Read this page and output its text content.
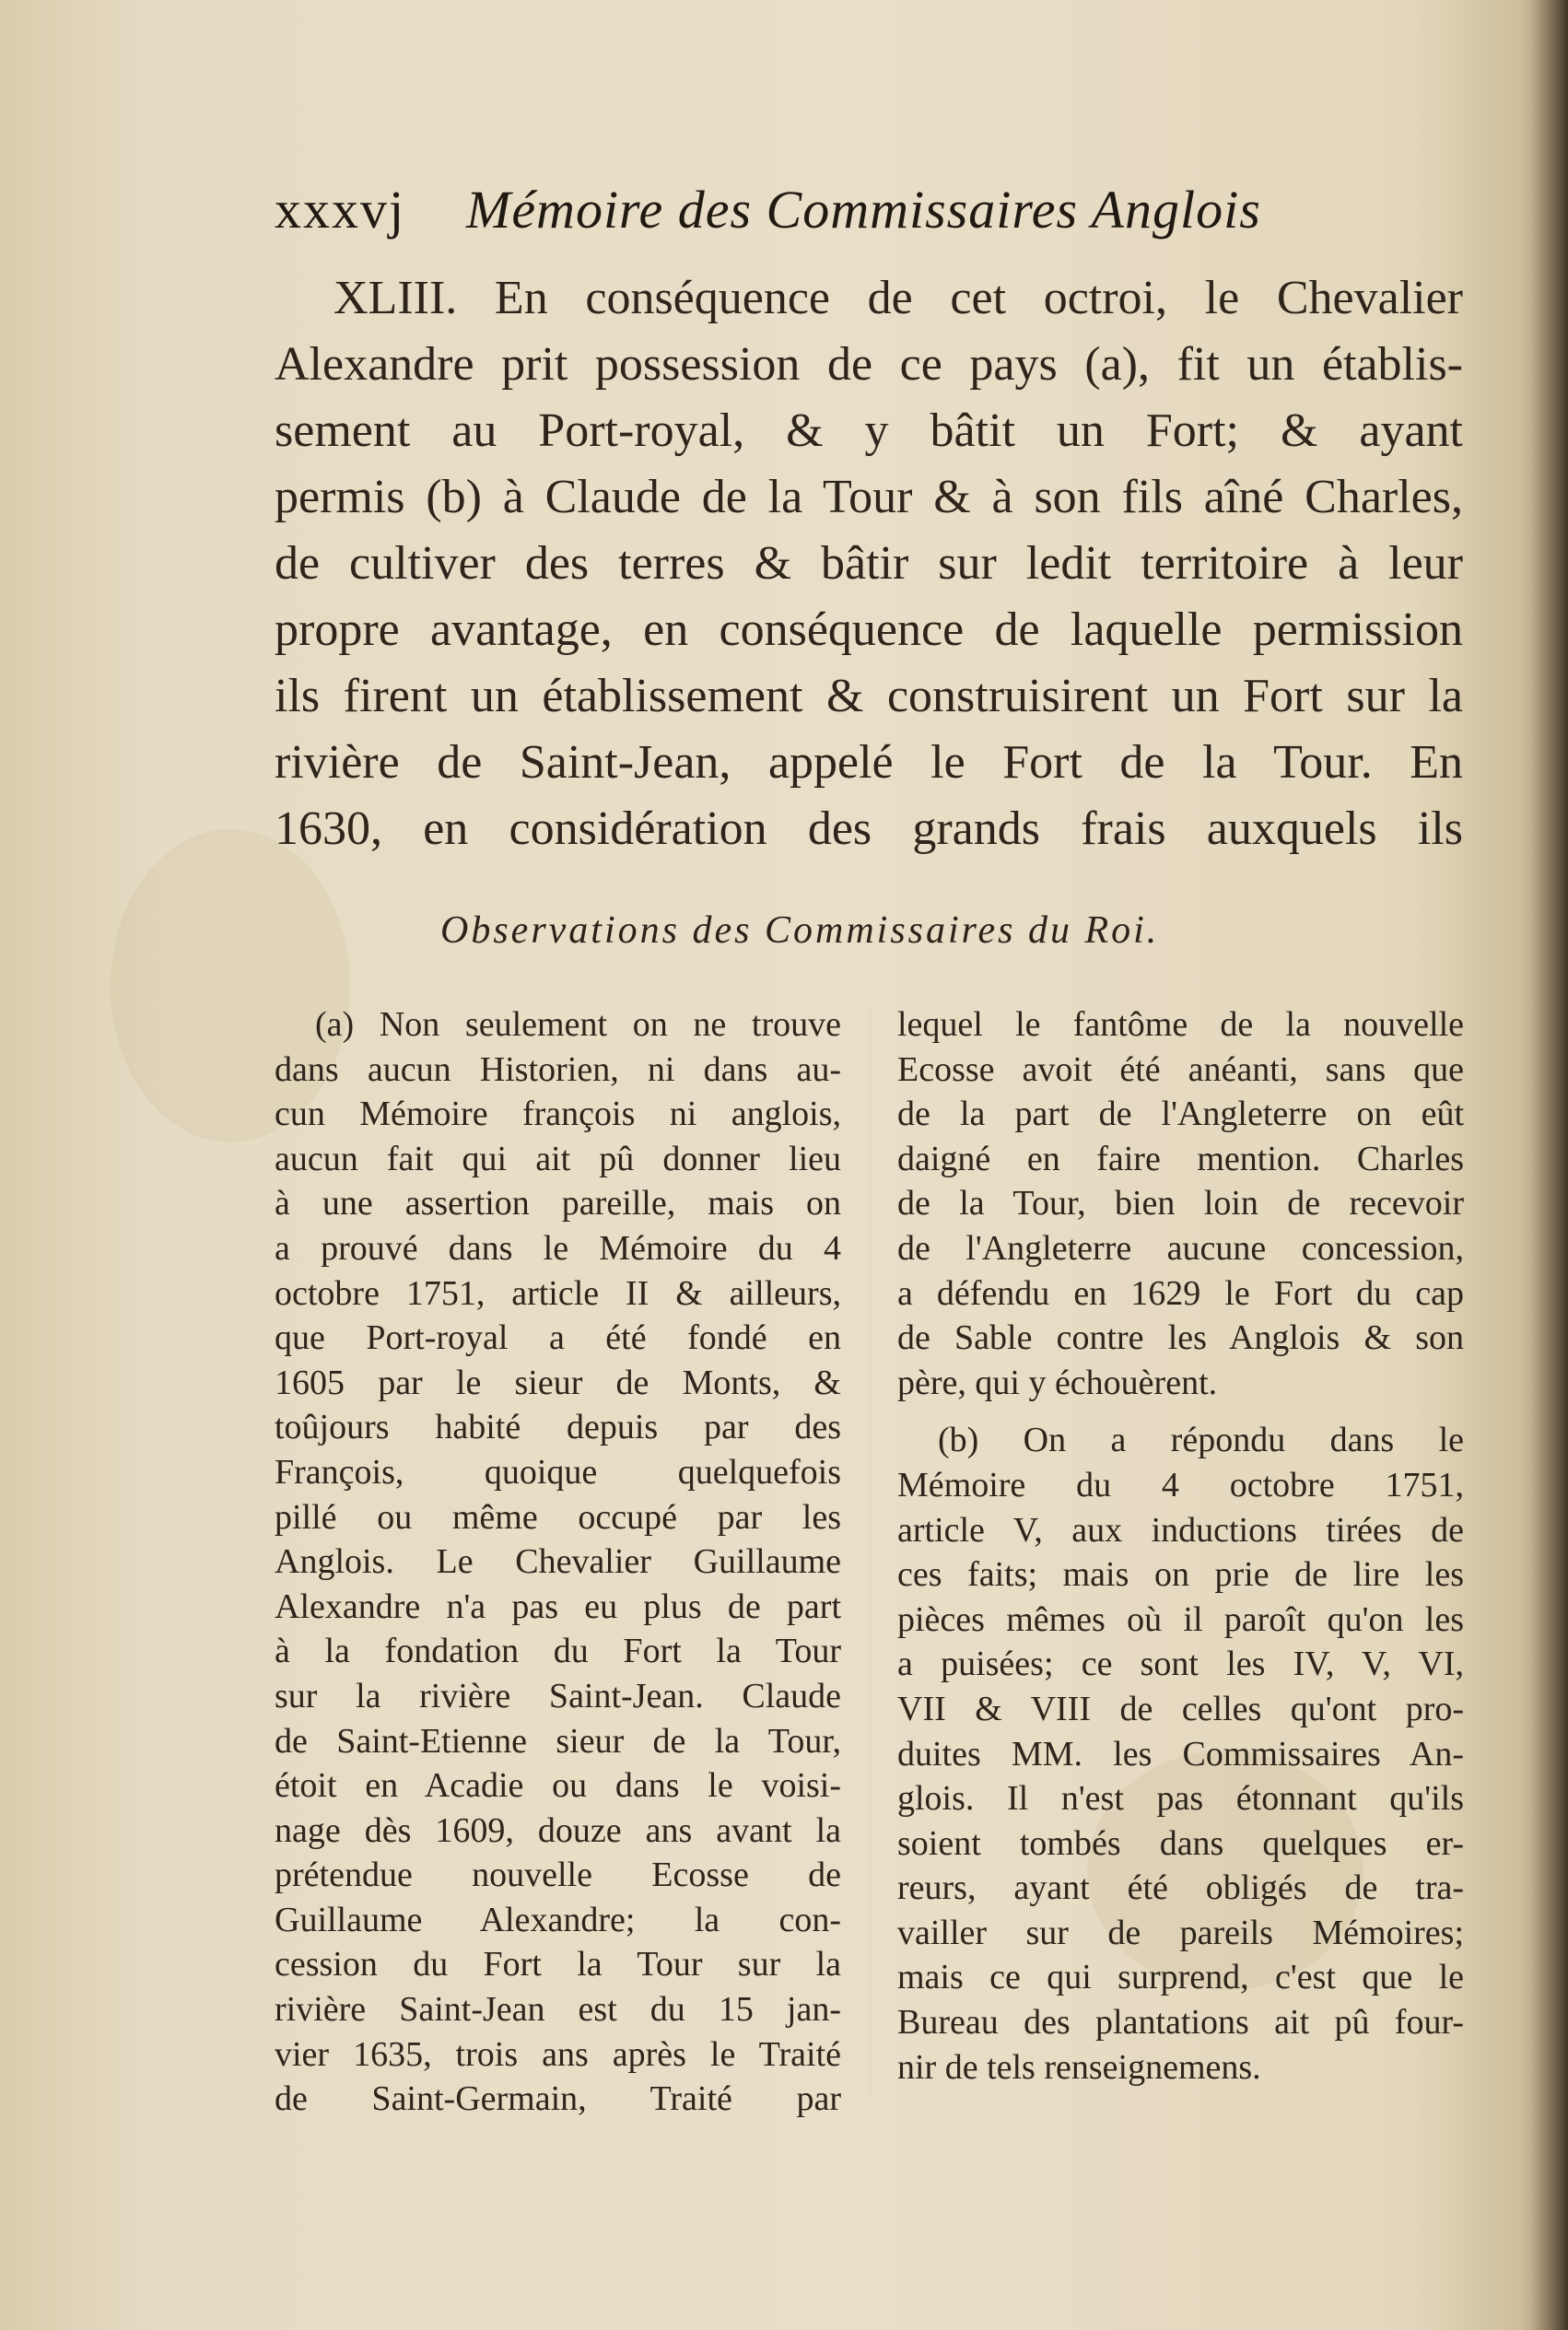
xxxvj Mémoire des Commissaires Anglois
XLIII. En conséquence de cet octroi, le Chevalier
Alexandre prit possession de ce pays (a), fit un établis-
sement au Port-royal, & y bâtit un Fort; & ayant
permis (b) à Claude de la Tour & à son fils aîné Charles,
de cultiver des terres & bâtir sur ledit territoire à leur
propre avantage, en conséquence de laquelle permission
ils firent un établissement & construisirent un Fort sur la
rivière de Saint-Jean, appelé le Fort de la Tour. En
1630, en considération des grands frais auxquels ils
Observations des Commissaires du Roi.
(a) Non seulement on ne trouve
dans aucun Historien, ni dans au-
cun Mémoire françois ni anglois,
aucun fait qui ait pû donner lieu
à une assertion pareille, mais on
a prouvé dans le Mémoire du 4
octobre 1751, article II & ailleurs,
que Port-royal a été fondé en
1605 par le sieur de Monts, &
toûjours habité depuis par des
François, quoique quelquefois
pillé ou même occupé par les
Anglois. Le Chevalier Guillaume
Alexandre n'a pas eu plus de part
à la fondation du Fort la Tour
sur la rivière Saint-Jean. Claude
de Saint-Etienne sieur de la Tour,
étoit en Acadie ou dans le voisi-
nage dès 1609, douze ans avant la
prétendue nouvelle Ecosse de
Guillaume Alexandre; la con-
cession du Fort la Tour sur la
rivière Saint-Jean est du 15 jan-
vier 1635, trois ans après le Traité
de Saint-Germain, Traité par
lequel le fantôme de la nouvelle
Ecosse avoit été anéanti, sans que
de la part de l'Angleterre on eût
daigné en faire mention. Charles
de la Tour, bien loin de recevoir
de l'Angleterre aucune concession,
a défendu en 1629 le Fort du cap
de Sable contre les Anglois & son
père, qui y échouèrent.
(b) On a répondu dans le
Mémoire du 4 octobre 1751,
article V, aux inductions tirées de
ces faits; mais on prie de lire les
pièces mêmes où il paroît qu'on les
a puisées; ce sont les IV, V, VI,
VII & VIII de celles qu'ont pro-
duites MM. les Commissaires An-
glois. Il n'est pas étonnant qu'ils
soient tombés dans quelques er-
reurs, ayant été obligés de tra-
vailler sur de pareils Mémoires;
mais ce qui surprend, c'est que le
Bureau des plantations ait pû four-
nir de tels renseignemens.
